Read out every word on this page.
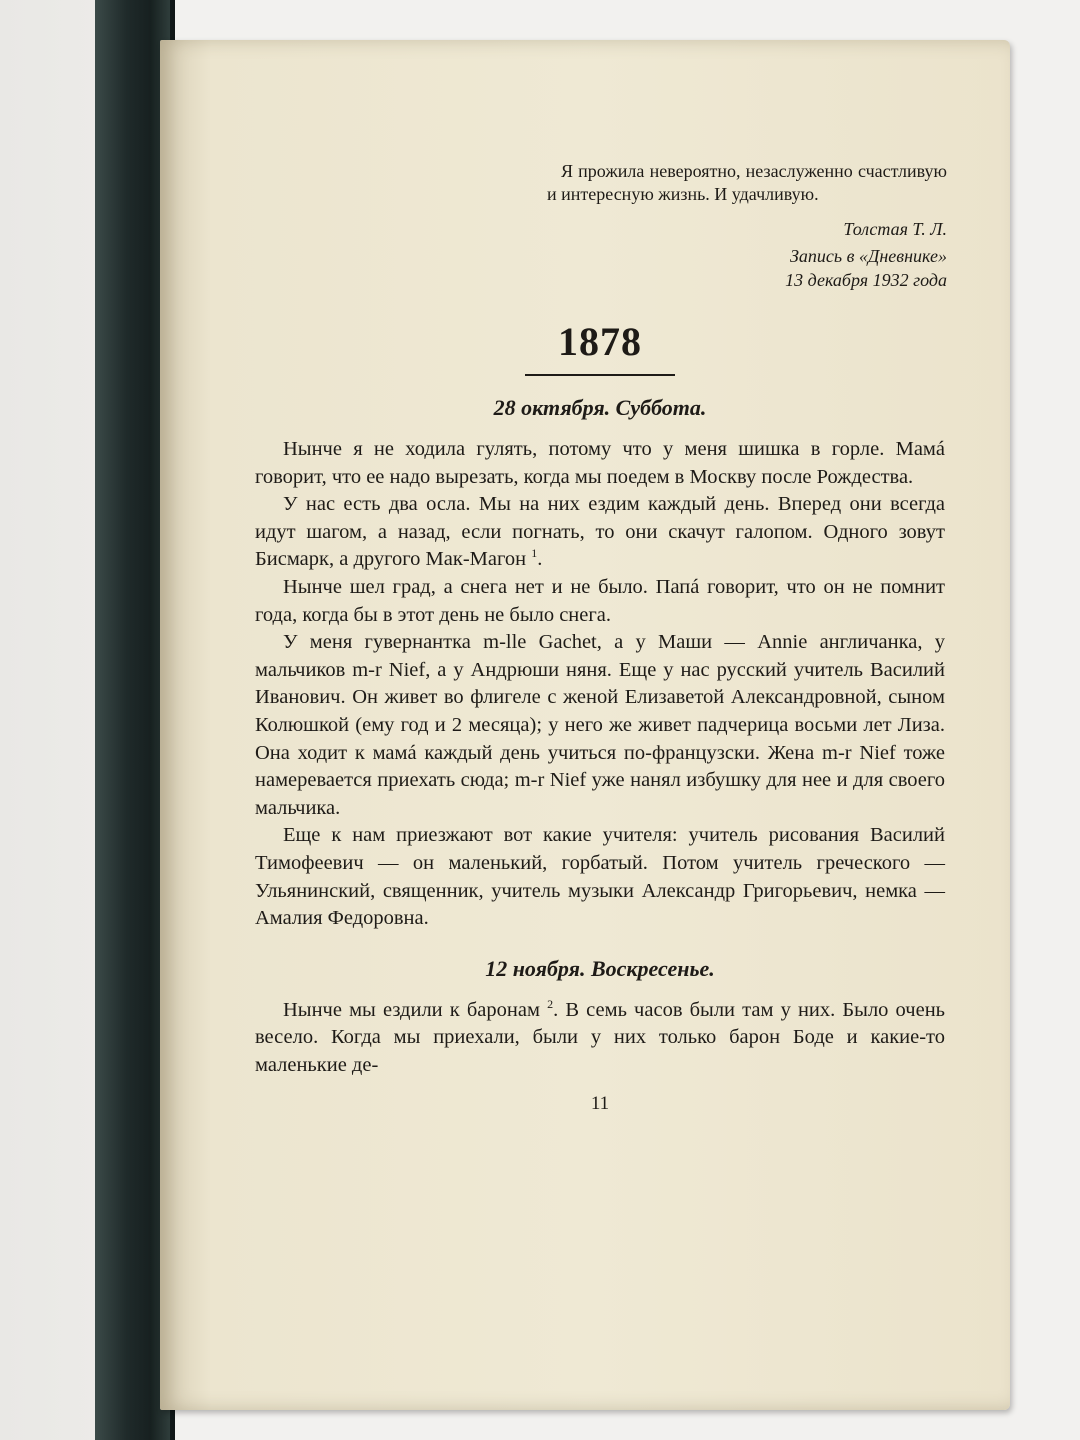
Я прожила невероятно, незаслуженно счастливую и интересную жизнь. И удачливую.

Толстая Т. Л.
Запись в «Дневнике»
13 декабря 1932 года
1878
28 октября. Суббота.

Нынче я не ходила гулять, потому что у меня шишка в горле. Мамá говорит, что ее надо вырезать, когда мы поедем в Москву после Рождества.

У нас есть два осла. Мы на них ездим каждый день. Вперед они всегда идут шагом, а назад, если погнать, то они скачут галопом. Одного зовут Бисмарк, а другого Мак-Магон $^1$.

Нынче шел град, а снега нет и не было. Папá говорит, что он не помнит года, когда бы в этот день не было снега.

У меня гувернантка m-lle Gachet, а у Маши — Annie англичанка, у мальчиков m-r Nief, а у Андрюши няня. Еще у нас русский учитель Василий Иванович. Он живет во флигеле с женой Елизаветой Александровной, сыном Колюшкой (ему год и 2 месяца); у него же живет падчерица восьми лет Лиза. Она ходит к мамá каждый день учиться по-французски. Жена m-r Nief тоже намеревается приехать сюда; m-r Nief уже нанял избушку для нее и для своего мальчика.

Еще к нам приезжают вот какие учителя: учитель рисования Василий Тимофеевич — он маленький, горбатый. Потом учитель греческого — Ульянинский, священник, учитель музыки Александр Григорьевич, немка — Амалия Федоровна.

12 ноября. Воскресенье.

Нынче мы ездили к баронам $^2$. В семь часов были там у них. Было очень весело. Когда мы приехали, были у них только барон Боде и какие-то маленькие де-

11
